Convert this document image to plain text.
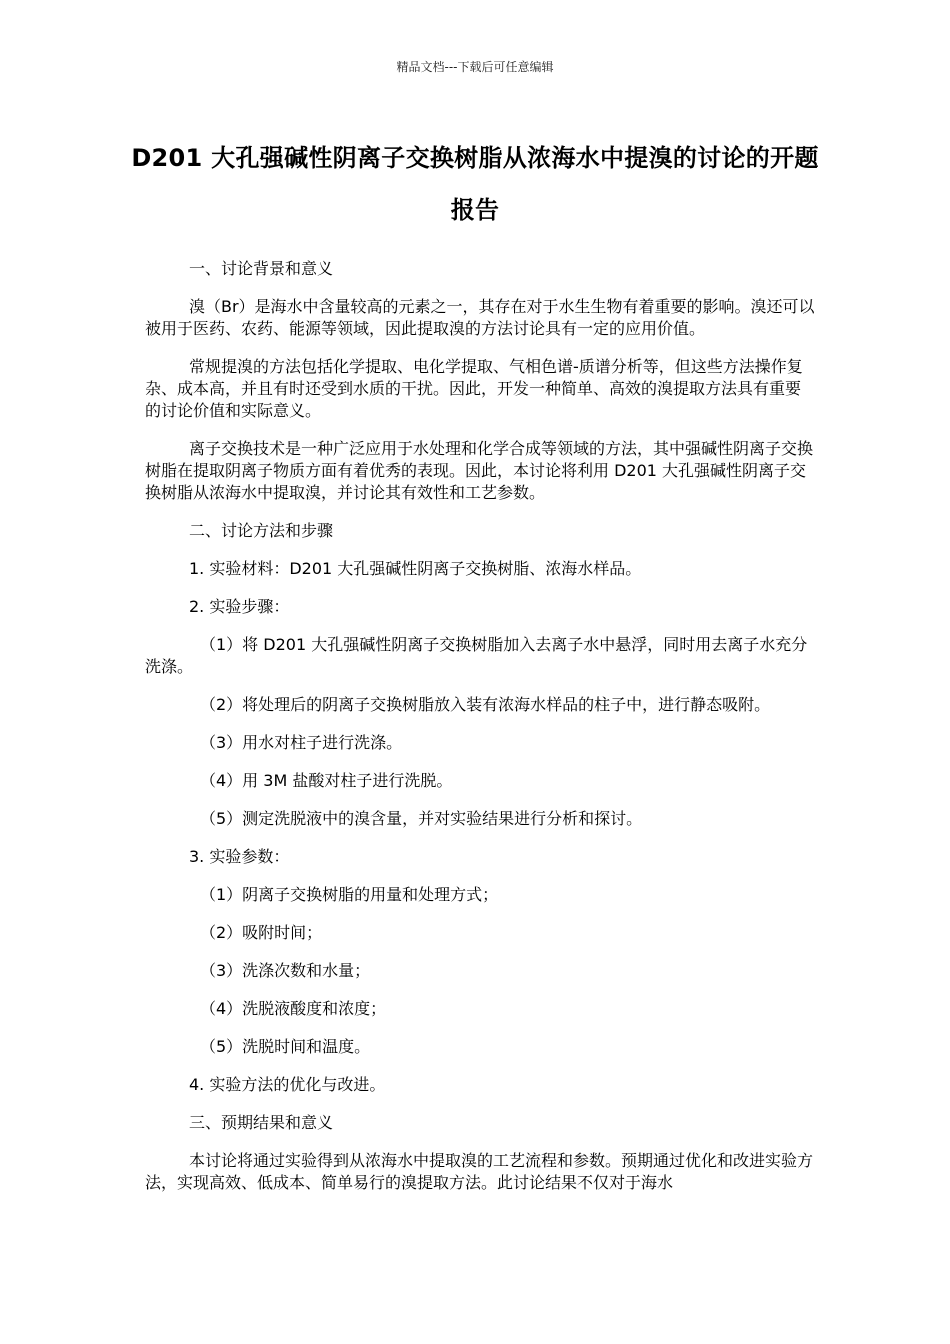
精品文档---下载后可任意编辑
D201 大孔强碱性阴离子交换树脂从浓海水中提溴的讨论的开题报告

一、讨论背景和意义

溴（Br）是海水中含量较高的元素之一，其存在对于水生生物有着重要的影响。溴还可以被用于医药、农药、能源等领域，因此提取溴的方法讨论具有一定的应用价值。

常规提溴的方法包括化学提取、电化学提取、气相色谱-质谱分析等，但这些方法操作复杂、成本高，并且有时还受到水质的干扰。因此，开发一种简单、高效的溴提取方法具有重要的讨论价值和实际意义。

离子交换技术是一种广泛应用于水处理和化学合成等领域的方法，其中强碱性阴离子交换树脂在提取阴离子物质方面有着优秀的表现。因此，本讨论将利用 D201 大孔强碱性阴离子交换树脂从浓海水中提取溴，并讨论其有效性和工艺参数。

二、讨论方法和步骤

1. 实验材料：D201 大孔强碱性阴离子交换树脂、浓海水样品。

2. 实验步骤：

（1）将 D201 大孔强碱性阴离子交换树脂加入去离子水中悬浮，同时用去离子水充分洗涤。

（2）将处理后的阴离子交换树脂放入装有浓海水样品的柱子中，进行静态吸附。

（3）用水对柱子进行洗涤。

（4）用 3M 盐酸对柱子进行洗脱。

（5）测定洗脱液中的溴含量，并对实验结果进行分析和探讨。

3. 实验参数：

（1）阴离子交换树脂的用量和处理方式；

（2）吸附时间；

（3）洗涤次数和水量；

（4）洗脱液酸度和浓度；

（5）洗脱时间和温度。

4. 实验方法的优化与改进。

三、预期结果和意义

本讨论将通过实验得到从浓海水中提取溴的工艺流程和参数。预期通过优化和改进实验方法，实现高效、低成本、简单易行的溴提取方法。此讨论结果不仅对于海水
